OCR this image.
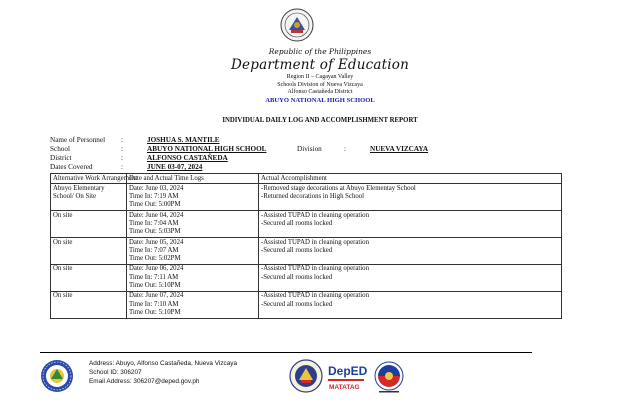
Republic of the Philippines
Department of Education
Region II – Cagayan Valley
Schools Division of Nueva Vizcaya
Alfonso Castañeda District
ABUYO NATIONAL HIGH SCHOOL
INDIVIDUAL DAILY LOG AND ACCOMPLISHMENT REPORT
Name of Personnel :	JOSHUA S. MANTILE
School	:	ABUYO NATIONAL HIGH SCHOOL	Division	:	NUEVA VIZCAYA
District	:	ALFONSO CASTAÑEDA
Dates Covered	:	JUNE 03-07, 2024
Alternative Work Arrangement	Date and Actual Time Logs	Actual Accomplishment

Abuyo Elementary
School/ On Site	Date: June 03, 2024
Time In: 7:19 AM
Time Out: 5:00PM	-Removed stage decorations at Abuyo Elementay School
-Returned decorations in High School

On site	Date: June 04, 2024
Time In: 7:04 AM
Time Out: 5:03PM	-Assisted TUPAD in cleaning operation
-Secured all rooms locked

On site	Date: June 05, 2024
Time In: 7:07 AM
Time Out: 5:02PM	-Assisted TUPAD in cleaning operation
-Secured all rooms locked

On site	Date: June 06, 2024
Time In: 7:11 AM
Time Out: 5:10PM	-Assisted TUPAD in cleaning operation
-Secured all rooms locked

On site	Date: June 07, 2024
Time In: 7:10 AM
Time Out: 5:10PM	-Assisted TUPAD in cleaning operation
-Secured all rooms locked
Address: Abuyo, Alfonso Castañeda, Nueva Vizcaya
School ID: 306207
Email Address: 306207@deped.gov.ph
DepED
MATATAG
